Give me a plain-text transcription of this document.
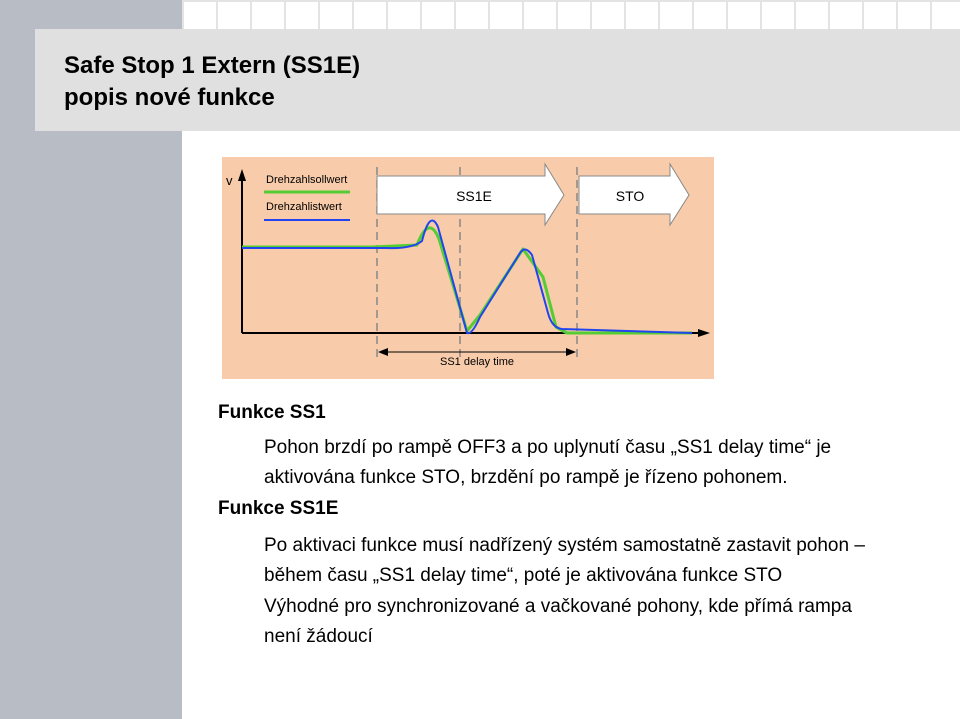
Safe Stop 1 Extern (SS1E)
popis nové funkce
v	Drehzahlsollwert
Drehzahlistwert
SS1E	STO
SS1 delay time
Funkce SS1

Pohon brzdí po rampě OFF3 a po uplynutí času „SS1 delay time“ je
aktivována funkce STO, brzdění po rampě je řízeno pohonem.

Funkce SS1E

Po aktivaci funkce musí nadřízený systém samostatně zastavit pohon –
během času „SS1 delay time“, poté je aktivována funkce STO

Výhodné pro synchronizované a vačkované pohony, kde přímá rampa
není žádoucí
